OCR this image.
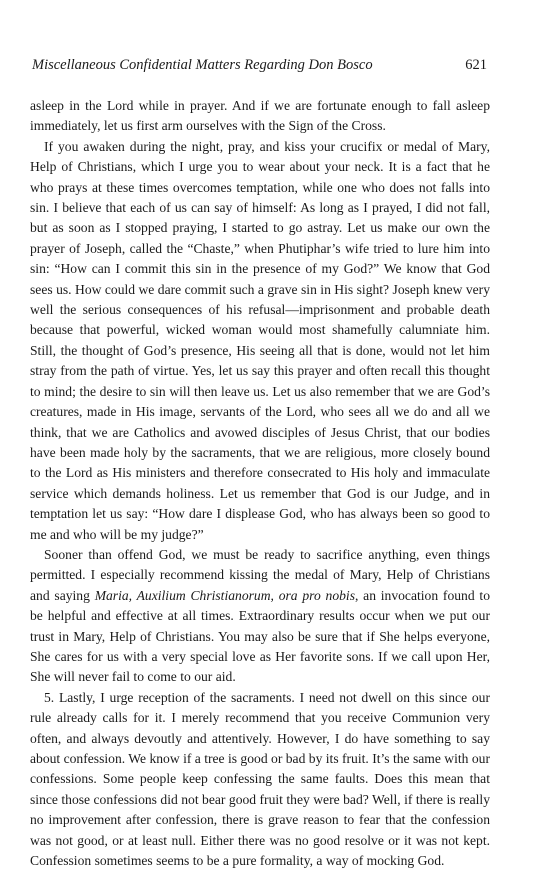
Miscellaneous Confidential Matters Regarding Don Bosco	621

asleep in the Lord while in prayer. And if we are fortunate enough to fall asleep immediately, let us first arm ourselves with the Sign of the Cross.

If you awaken during the night, pray, and kiss your crucifix or medal of Mary, Help of Christians, which I urge you to wear about your neck. It is a fact that he who prays at these times overcomes temptation, while one who does not falls into sin. I believe that each of us can say of himself: As long as I prayed, I did not fall, but as soon as I stopped praying, I started to go astray. Let us make our own the prayer of Joseph, called the “Chaste,” when Phutiphar’s wife tried to lure him into sin: “How can I commit this sin in the presence of my God?” We know that God sees us. How could we dare commit such a grave sin in His sight? Joseph knew very well the serious consequences of his refusal—imprisonment and probable death because that powerful, wicked woman would most shamefully calumniate him. Still, the thought of God’s presence, His seeing all that is done, would not let him stray from the path of virtue. Yes, let us say this prayer and often recall this thought to mind; the desire to sin will then leave us. Let us also remember that we are God’s creatures, made in His image, servants of the Lord, who sees all we do and all we think, that we are Catholics and avowed disciples of Jesus Christ, that our bodies have been made holy by the sacraments, that we are religious, more closely bound to the Lord as His ministers and therefore consecrated to His holy and immaculate service which demands holiness. Let us remember that God is our Judge, and in temptation let us say: “How dare I displease God, who has always been so good to me and who will be my judge?”

Sooner than offend God, we must be ready to sacrifice anything, even things permitted. I especially recommend kissing the medal of Mary, Help of Christians and saying Maria, Auxilium Christianorum, ora pro nobis, an invocation found to be helpful and effective at all times. Extraordinary results occur when we put our trust in Mary, Help of Christians. You may also be sure that if She helps everyone, She cares for us with a very special love as Her favorite sons. If we call upon Her, She will never fail to come to our aid.

5. Lastly, I urge reception of the sacraments. I need not dwell on this since our rule already calls for it. I merely recommend that you receive Communion very often, and always devoutly and attentively. However, I do have something to say about confession. We know if a tree is good or bad by its fruit. It’s the same with our confessions. Some people keep confessing the same faults. Does this mean that since those confessions did not bear good fruit they were bad? Well, if there is really no improvement after confession, there is grave reason to fear that the confession was not good, or at least null. Either there was no good resolve or it was not kept. Confession sometimes seems to be a pure formality, a way of mocking God.
